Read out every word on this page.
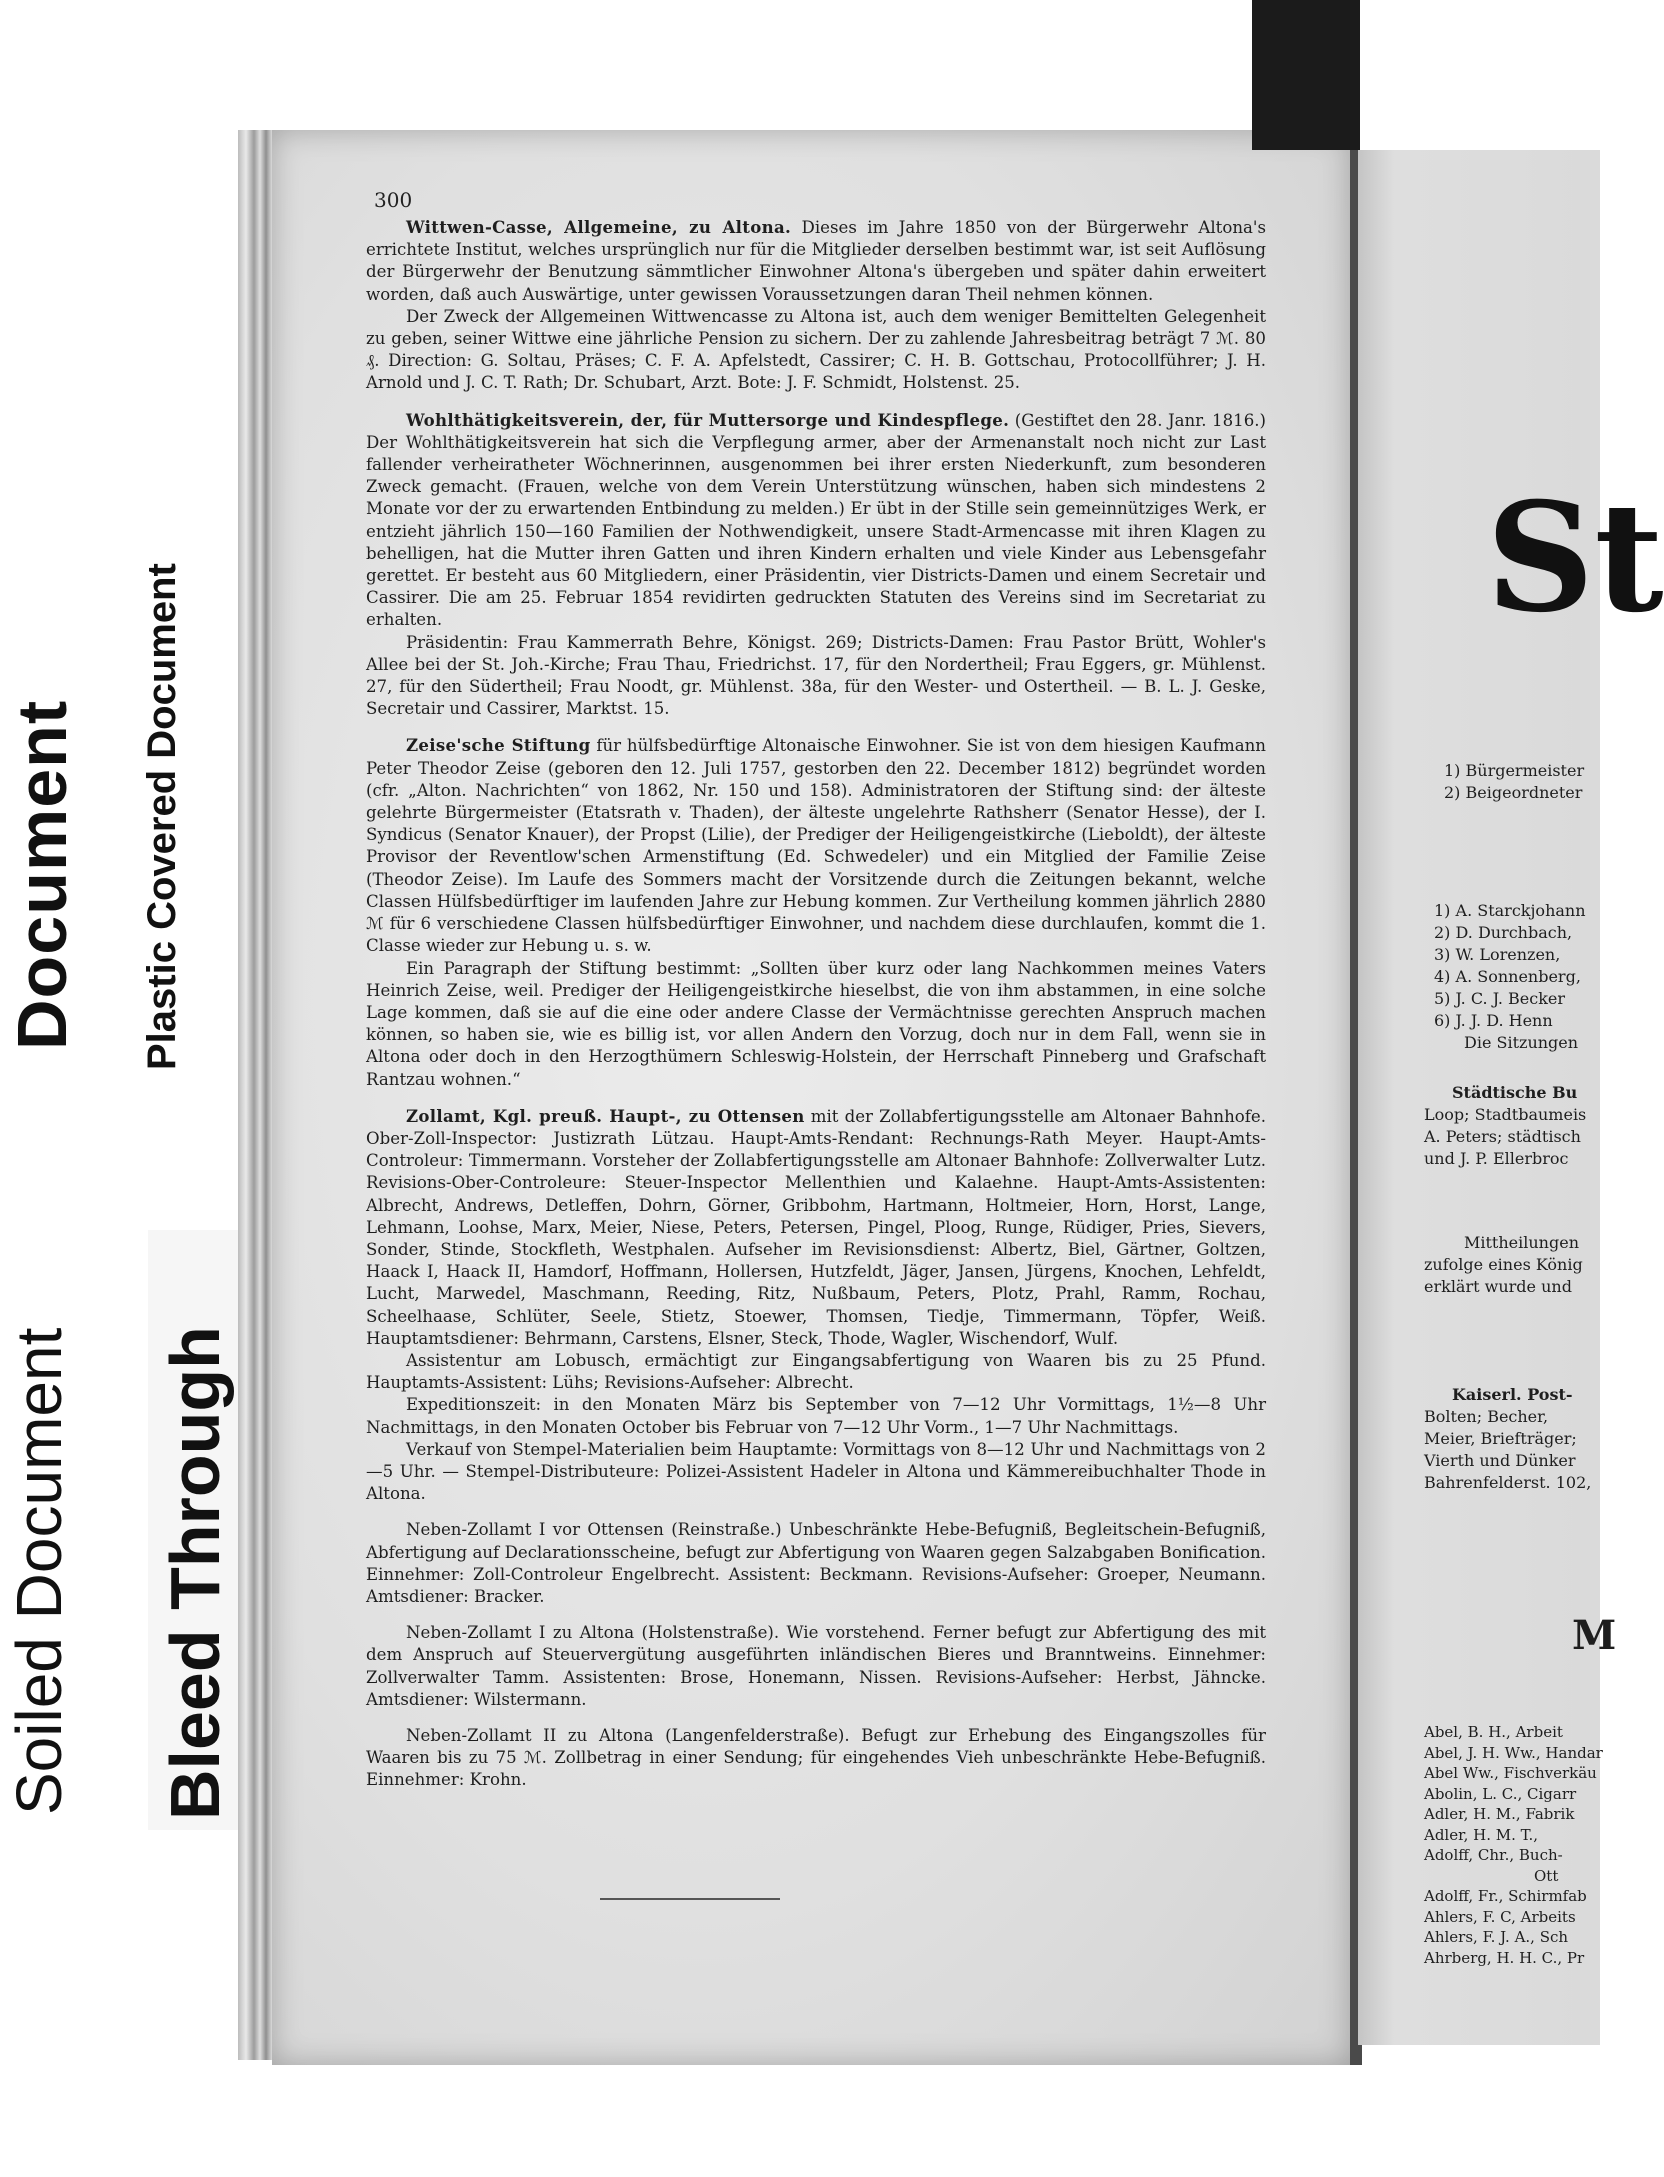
Document Plastic Covered Document
Soiled Document Bleed Through
300

Wittwen-Casse, Allgemeine, zu Altona. Dieses im Jahre 1850 von der Bürgerwehr Altona's errichtete Institut, welches ursprünglich nur für die Mitglieder derselben bestimmt war, ist seit Auflösung der Bürgerwehr der Benutzung sämmtlicher Einwohner Altona's übergeben und später dahin erweitert worden, daß auch Auswärtige, unter gewissen Voraussetzungen daran Theil nehmen können.

Der Zweck der Allgemeinen Wittwencasse zu Altona ist, auch dem weniger Bemittelten Gelegenheit zu geben, seiner Wittwe eine jährliche Pension zu sichern. Der zu zahlende Jahresbeitrag beträgt 7 ℳ. 80 ₰. Direction: G. Soltau, Präses; C. F. A. Apfelstedt, Cassirer; C. H. B. Gottschau, Protocollführer; J. H. Arnold und J. C. T. Rath; Dr. Schubart, Arzt. Bote: J. F. Schmidt, Holstenst. 25.

Wohlthätigkeitsverein, der, für Muttersorge und Kindespflege. (Gestiftet den 28. Janr. 1816.) Der Wohlthätigkeitsverein hat sich die Verpflegung armer, aber der Armenanstalt noch nicht zur Last fallender verheiratheter Wöchnerinnen, ausgenommen bei ihrer ersten Niederkunft, zum besonderen Zweck gemacht. (Frauen, welche von dem Verein Unterstützung wünschen, haben sich mindestens 2 Monate vor der zu erwartenden Entbindung zu melden.) Er übt in der Stille sein gemeinnütziges Werk, er entzieht jährlich 150—160 Familien der Nothwendigkeit, unsere Stadt-Armencasse mit ihren Klagen zu behelligen, hat die Mutter ihren Gatten und ihren Kindern erhalten und viele Kinder aus Lebensgefahr gerettet. Er besteht aus 60 Mitgliedern, einer Präsidentin, vier Districts-Damen und einem Secretair und Cassirer. Die am 25. Februar 1854 revidirten gedruckten Statuten des Vereins sind im Secretariat zu erhalten.

Präsidentin: Frau Kammerrath Behre, Königst. 269; Districts-Damen: Frau Pastor Brütt, Wohler's Allee bei der St. Joh.-Kirche; Frau Thau, Friedrichst. 17, für den Nordertheil; Frau Eggers, gr. Mühlenst. 27, für den Südertheil; Frau Noodt, gr. Mühlenst. 38a, für den Wester- und Ostertheil. — B. L. J. Geske, Secretair und Cassirer, Marktst. 15.

Zeise'sche Stiftung für hülfsbedürftige Altonaische Einwohner. Sie ist von dem hiesigen Kaufmann Peter Theodor Zeise (geboren den 12. Juli 1757, gestorben den 22. December 1812) begründet worden (cfr. „Alton. Nachrichten“ von 1862, Nr. 150 und 158). Administratoren der Stiftung sind: der älteste gelehrte Bürgermeister (Etatsrath v. Thaden), der älteste ungelehrte Rathsherr (Senator Hesse), der I. Syndicus (Senator Knauer), der Propst (Lilie), der Prediger der Heiligengeistkirche (Lieboldt), der älteste Provisor der Reventlow'schen Armenstiftung (Ed. Schwedeler) und ein Mitglied der Familie Zeise (Theodor Zeise). Im Laufe des Sommers macht der Vorsitzende durch die Zeitungen bekannt, welche Classen Hülfsbedürftiger im laufenden Jahre zur Hebung kommen. Zur Vertheilung kommen jährlich 2880 ℳ für 6 verschiedene Classen hülfsbedürftiger Einwohner, und nachdem diese durchlaufen, kommt die 1. Classe wieder zur Hebung u. s. w.

Ein Paragraph der Stiftung bestimmt: „Sollten über kurz oder lang Nachkommen meines Vaters Heinrich Zeise, weil. Prediger der Heiligengeistkirche hieselbst, die von ihm abstammen, in eine solche Lage kommen, daß sie auf die eine oder andere Classe der Vermächtnisse gerechten Anspruch machen können, so haben sie, wie es billig ist, vor allen Andern den Vorzug, doch nur in dem Fall, wenn sie in Altona oder doch in den Herzogthümern Schleswig-Holstein, der Herrschaft Pinneberg und Grafschaft Rantzau wohnen.“

Zollamt, Kgl. preuß. Haupt-, zu Ottensen mit der Zollabfertigungsstelle am Altonaer Bahnhofe. Ober-Zoll-Inspector: Justizrath Lützau. Haupt-Amts-Rendant: Rechnungs-Rath Meyer. Haupt-Amts-Controleur: Timmermann. Vorsteher der Zollabfertigungsstelle am Altonaer Bahnhofe: Zollverwalter Lutz. Revisions-Ober-Controleure: Steuer-Inspector Mellenthien und Kalaehne. Haupt-Amts-Assistenten: Albrecht, Andrews, Detleffen, Dohrn, Görner, Gribbohm, Hartmann, Holtmeier, Horn, Horst, Lange, Lehmann, Loohse, Marx, Meier, Niese, Peters, Petersen, Pingel, Ploog, Runge, Rüdiger, Pries, Sievers, Sonder, Stinde, Stockfleth, Westphalen. Aufseher im Revisionsdienst: Albertz, Biel, Gärtner, Goltzen, Haack I, Haack II, Hamdorf, Hoffmann, Hollersen, Hutzfeldt, Jäger, Jansen, Jürgens, Knochen, Lehfeldt, Lucht, Marwedel, Maschmann, Reeding, Ritz, Nußbaum, Peters, Plotz, Prahl, Ramm, Rochau, Scheelhaase, Schlüter, Seele, Stietz, Stoewer, Thomsen, Tiedje, Timmermann, Töpfer, Weiß. Hauptamtsdiener: Behrmann, Carstens, Elsner, Steck, Thode, Wagler, Wischendorf, Wulf.

Assistentur am Lobusch, ermächtigt zur Eingangsabfertigung von Waaren bis zu 25 Pfund. Hauptamts-Assistent: Lühs; Revisions-Aufseher: Albrecht.

Expeditionszeit: in den Monaten März bis September von 7—12 Uhr Vormittags, 1½—8 Uhr Nachmittags, in den Monaten October bis Februar von 7—12 Uhr Vorm., 1—7 Uhr Nachmittags.

Verkauf von Stempel-Materialien beim Hauptamte: Vormittags von 8—12 Uhr und Nachmittags von 2—5 Uhr. — Stempel-Distributeure: Polizei-Assistent Hadeler in Altona und Kämmereibuchhalter Thode in Altona.

Neben-Zollamt I vor Ottensen (Reinstraße.) Unbeschränkte Hebe-Befugniß, Begleitschein-Befugniß, Abfertigung auf Declarationsscheine, befugt zur Abfertigung von Waaren gegen Salzabgaben Bonification. Einnehmer: Zoll-Controleur Engelbrecht. Assistent: Beckmann. Revisions-Aufseher: Groeper, Neumann. Amtsdiener: Bracker.

Neben-Zollamt I zu Altona (Holstenstraße). Wie vorstehend. Ferner befugt zur Abfertigung des mit dem Anspruch auf Steuervergütung ausgeführten inländischen Bieres und Branntweins. Einnehmer: Zollverwalter Tamm. Assistenten: Brose, Honemann, Nissen. Revisions-Aufseher: Herbst, Jähncke. Amtsdiener: Wilstermann.

Neben-Zollamt II zu Altona (Langenfelderstraße). Befugt zur Erhebung des Eingangszolles für Waaren bis zu 75 ℳ. Zollbetrag in einer Sendung; für eingehendes Vieh unbeschränkte Hebe-Befugniß. Einnehmer: Krohn.

St
1) Bürgermeister
2) Beigeordneter
1) A. Starckjohann
2) D. Durchbach,
3) W. Lorenzen,
4) A. Sonnenberg,
5) J. C. J. Becker
6) J. J. D. Henn
Die Sitzungen
Städtische Bu
Loop; Stadtbaumeis
A. Peters; städtisch
und J. P. Ellerbroc
Mittheilungen
zufolge eines König
erklärt wurde und
Kaiserl. Post-
Bolten; Becher,
Meier, Briefträger;
Vierth und Dünker
Bahrenfelderst. 102,
M
Abel, B. H., Arbeit
Abel, J. H. Ww., Handar
Abel Ww., Fischverkäu
Abolin, L. C., Cigarr
Adler, H. M., Fabrik
Adler, H. M. T.,
Adolff, Chr., Buch-
Ott
Adolff, Fr., Schirmfab
Ahlers, F. C, Arbeits
Ahlers, F. J. A., Sch
Ahrberg, H. H. C., Pr
